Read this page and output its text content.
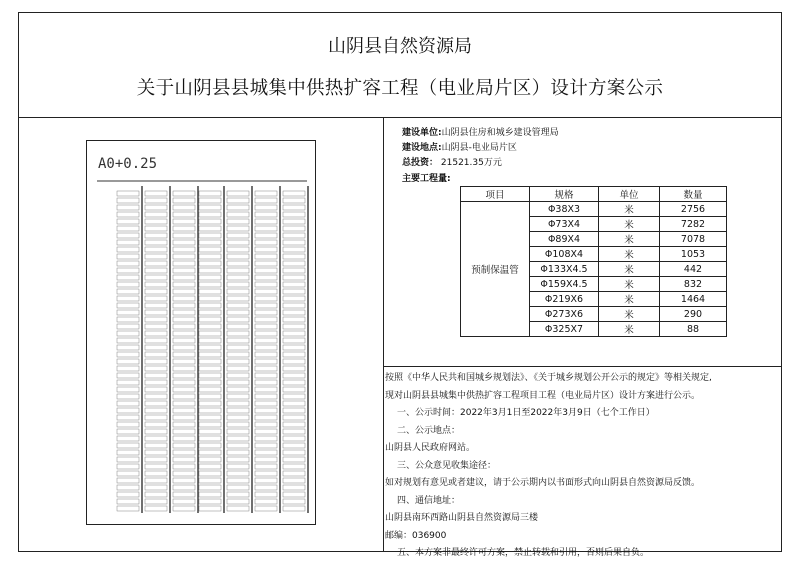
山阴县自然资源局
关于山阴县县城集中供热扩容工程（电业局片区）设计方案公示
A0+0.25
建设单位:山阴县住房和城乡建设管理局
建设地点:山阴县-电业局片区
总投资： 21521.35万元
主要工程量:
项目	规格	单位	数量
预制保温管	Φ38X3	米	2756
	Φ73X4	米	7282
	Φ89X4	米	7078
	Φ108X4	米	1053
	Φ133X4.5	米	442
	Φ159X4.5	米	832
	Φ219X6	米	1464
	Φ273X6	米	290
	Φ325X7	米	88
按照《中华人民共和国城乡规划法》、《关于城乡规划公开公示的规定》等相关规定,
现对山阴县县城集中供热扩容工程项目工程（电业局片区）设计方案进行公示。
一、公示时间：2022年3月1日至2022年3月9日（七个工作日）
二、公示地点：
山阴县人民政府网站。
三、公众意见收集途径：
如对规划有意见或者建议，请于公示期内以书面形式向山阴县自然资源局反馈。
四、通信地址：
山阴县南环西路山阴县自然资源局三楼
邮编：036900
五、本方案非最终许可方案，禁止转载和引用，否则后果自负。
